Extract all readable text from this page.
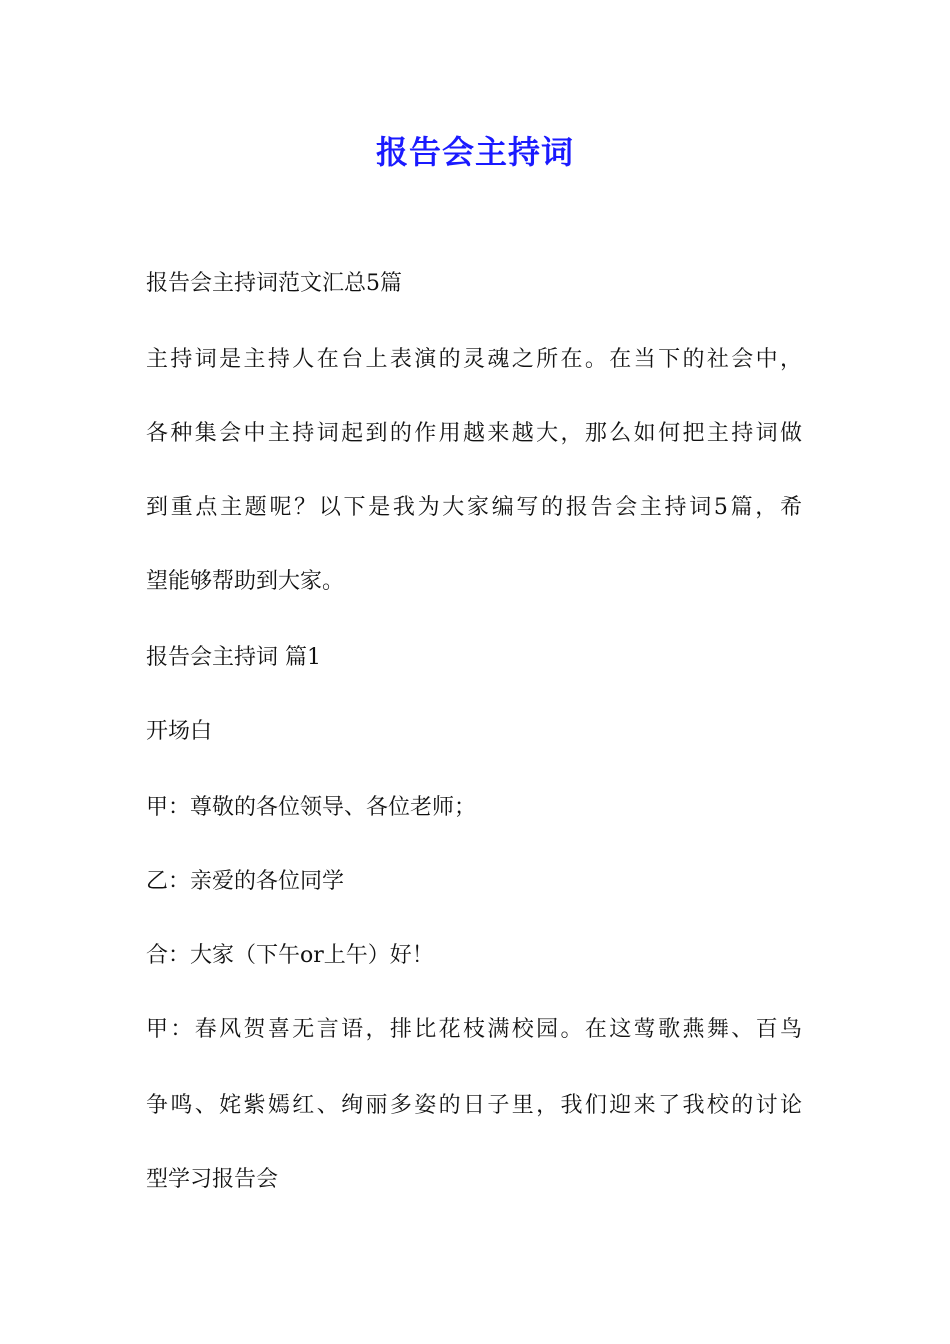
报告会主持词
报告会主持词范文汇总5篇
主持词是主持人在台上表演的灵魂之所在。在当下的社会中，
各种集会中主持词起到的作用越来越大，那么如何把主持词做
到重点主题呢？以下是我为大家编写的报告会主持词5篇，希
望能够帮助到大家。
报告会主持词 篇1
开场白
甲：尊敬的各位领导、各位老师；
乙：亲爱的各位同学
合：大家（下午or上午）好！
甲：春风贺喜无言语，排比花枝满校园。在这莺歌燕舞、百鸟
争鸣、姹紫嫣红、绚丽多姿的日子里，我们迎来了我校的讨论
型学习报告会
